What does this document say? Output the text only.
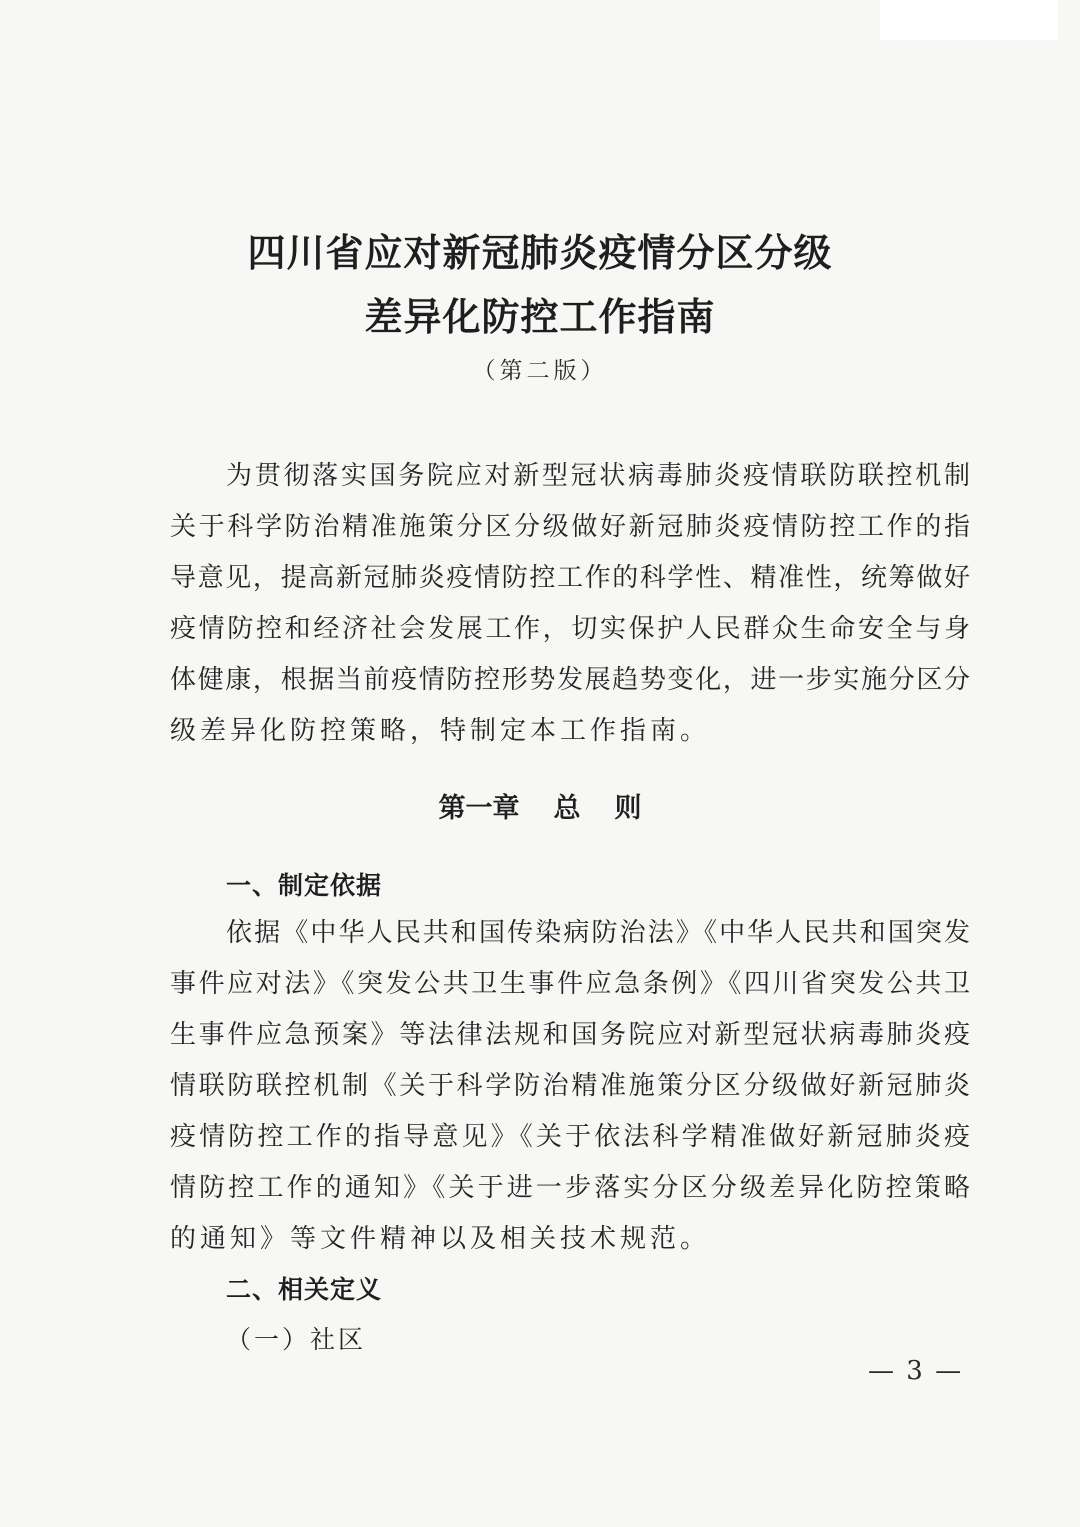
四川省应对新冠肺炎疫情分区分级
差异化防控工作指南
（第二版）
为贯彻落实国务院应对新型冠状病毒肺炎疫情联防联控机制
关于科学防治精准施策分区分级做好新冠肺炎疫情防控工作的指
导意见，提高新冠肺炎疫情防控工作的科学性、精准性，统筹做好
疫情防控和经济社会发展工作，切实保护人民群众生命安全与身
体健康，根据当前疫情防控形势发展趋势变化，进一步实施分区分
级差异化防控策略，特制定本工作指南。
第一章 总 则
一、制定依据
依据《中华人民共和国传染病防治法》《中华人民共和国突发
事件应对法》《突发公共卫生事件应急条例》《四川省突发公共卫
生事件应急预案》等法律法规和国务院应对新型冠状病毒肺炎疫
情联防联控机制《关于科学防治精准施策分区分级做好新冠肺炎
疫情防控工作的指导意见》《关于依法科学精准做好新冠肺炎疫
情防控工作的通知》《关于进一步落实分区分级差异化防控策略
的通知》等文件精神以及相关技术规范。
二、相关定义
（一）社区
— 3 —
